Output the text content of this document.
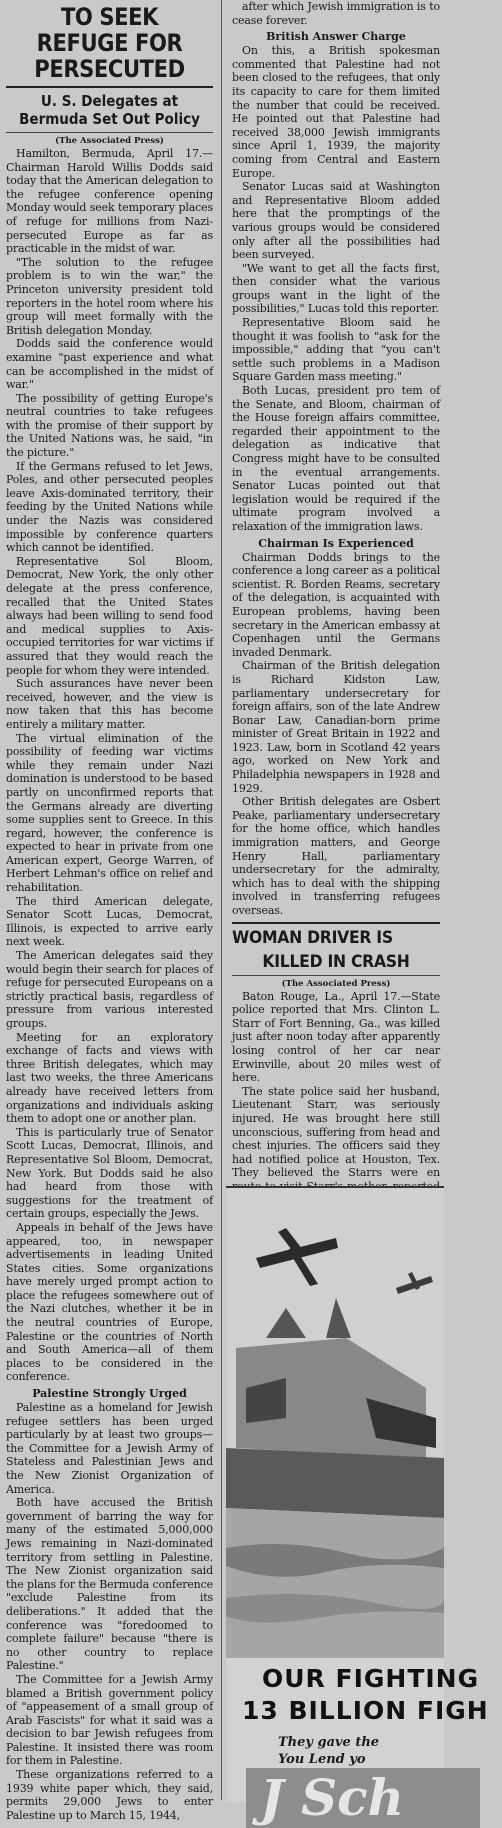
TO SEEK REFUGE FOR PERSECUTED
U. S. Delegates at Bermuda Set Out Policy
(The Associated Press)

Hamilton, Bermuda, April 17.—Chairman Harold Willis Dodds said today that the American delegation to the refugee conference opening Monday would seek temporary places of refuge for millions from Nazi-persecuted Europe as far as practicable in the midst of war.

"The solution to the refugee problem is to win the war," the Princeton university president told reporters in the hotel room where his group will meet formally with the British delegation Monday.

Dodds said the conference would examine "past experience and what can be accomplished in the midst of war."

The possibility of getting Europe's neutral countries to take refugees with the promise of their support by the United Nations was, he said, "in the picture."

If the Germans refused to let Jews, Poles, and other persecuted peoples leave Axis-dominated territory, their feeding by the United Nations while under the Nazis was considered impossible by conference quarters which cannot be identified.

Representative Sol Bloom, Democrat, New York, the only other delegate at the press conference, recalled that the United States always had been willing to send food and medical supplies to Axis-occupied territories for war victims if assured that they would reach the people for whom they were intended.

Such assurances have never been received, however, and the view is now taken that this has become entirely a military matter.

The virtual elimination of the possibility of feeding war victims while they remain under Nazi domination is understood to be based partly on unconfirmed reports that the Germans already are diverting some supplies sent to Greece. In this regard, however, the conference is expected to hear in private from one American expert, George Warren, of Herbert Lehman's office on relief and rehabilitation.

The third American delegate, Senator Scott Lucas, Democrat, Illinois, is expected to arrive early next week.

The American delegates said they would begin their search for places of refuge for persecuted Europeans on a strictly practical basis, regardless of pressure from various interested groups.

Meeting for an exploratory exchange of facts and views with three British delegates, which may last two weeks, the three Americans already have received letters from organizations and individuals asking them to adopt one or another plan.

This is particularly true of Senator Scott Lucas, Democrat, Illinois, and Representative Sol Bloom, Democrat, New York. But Dodds said he also had heard from those with suggestions for the treatment of certain groups, especially the Jews.

Appeals in behalf of the Jews have appeared, too, in newspaper advertisements in leading United States cities. Some organizations have merely urged prompt action to place the refugees somewhere out of the Nazi clutches, whether it be in the neutral countries of Europe, Palestine or the countries of North and South America—all of them places to be considered in the conference.

Palestine Strongly Urged

Palestine as a homeland for Jewish refugee settlers has been urged particularly by at least two groups—the Committee for a Jewish Army of Stateless and Palestinian Jews and the New Zionist Organization of America.

Both have accused the British government of barring the way for many of the estimated 5,000,000 Jews remaining in Nazi-dominated territory from settling in Palestine. The New Zionist organization said the plans for the Bermuda conference "exclude Palestine from its deliberations." It added that the conference was "foredoomed to complete failure" because "there is no other country to replace Palestine."

The Committee for a Jewish Army blamed a British government policy of "appeasement of a small group of Arab Fascists" for what it said was a decision to bar Jewish refugees from Palestine. It insisted there was room for them in Palestine.

These organizations referred to a 1939 white paper which, they said, permits 29,000 Jews to enter Palestine up to March 15, 1944,

after which Jewish immigration is to cease forever.

British Answer Charge

On this, a British spokesman commented that Palestine had not been closed to the refugees, that only its capacity to care for them limited the number that could be received. He pointed out that Palestine had received 38,000 Jewish immigrants since April 1, 1939, the majority coming from Central and Eastern Europe.

Senator Lucas said at Washington and Representative Bloom added here that the promptings of the various groups would be considered only after all the possibilities had been surveyed.

"We want to get all the facts first, then consider what the various groups want in the light of the possibilities," Lucas told this reporter.

Representative Bloom said he thought it was foolish to "ask for the impossible," adding that "you can't settle such problems in a Madison Square Garden mass meeting."

Both Lucas, president pro tem of the Senate, and Bloom, chairman of the House foreign affairs committee, regarded their appointment to the delegation as indicative that Congress might have to be consulted in the eventual arrangements. Senator Lucas pointed out that legislation would be required if the ultimate program involved a relaxation of the immigration laws.

Chairman Is Experienced

Chairman Dodds brings to the conference a long career as a political scientist. R. Borden Reams, secretary of the delegation, is acquainted with European problems, having been secretary in the American embassy at Copenhagen until the Germans invaded Denmark.

Chairman of the British delegation is Richard Kidston Law, parliamentary undersecretary for foreign affairs, son of the late Andrew Bonar Law, Canadian-born prime minister of Great Britain in 1922 and 1923. Law, born in Scotland 42 years ago, worked on New York and Philadelphia newspapers in 1928 and 1929.

Other British delegates are Osbert Peake, parliamentary undersecretary for the home office, which handles immigration matters, and George Henry Hall, parliamentary undersecretary for the admiralty, which has to deal with the shipping involved in transferring refugees overseas.

WOMAN DRIVER IS
KILLED IN CRASH
(The Associated Press)

Baton Rouge, La., April 17.—State police reported that Mrs. Clinton L. Starr of Fort Benning, Ga., was killed just after noon today after apparently losing control of her car near Erwinville, about 20 miles west of here.

The state police said her husband, Lieutenant Starr, was seriously injured. He was brought here still unconscious, suffering from head and chest injuries. The officers said they had notified police at Houston, Tex. They believed the Starrs were en

OUR FIGHTING
13 BILLION FIGH
They gave the
You Lend yo
J Sch
